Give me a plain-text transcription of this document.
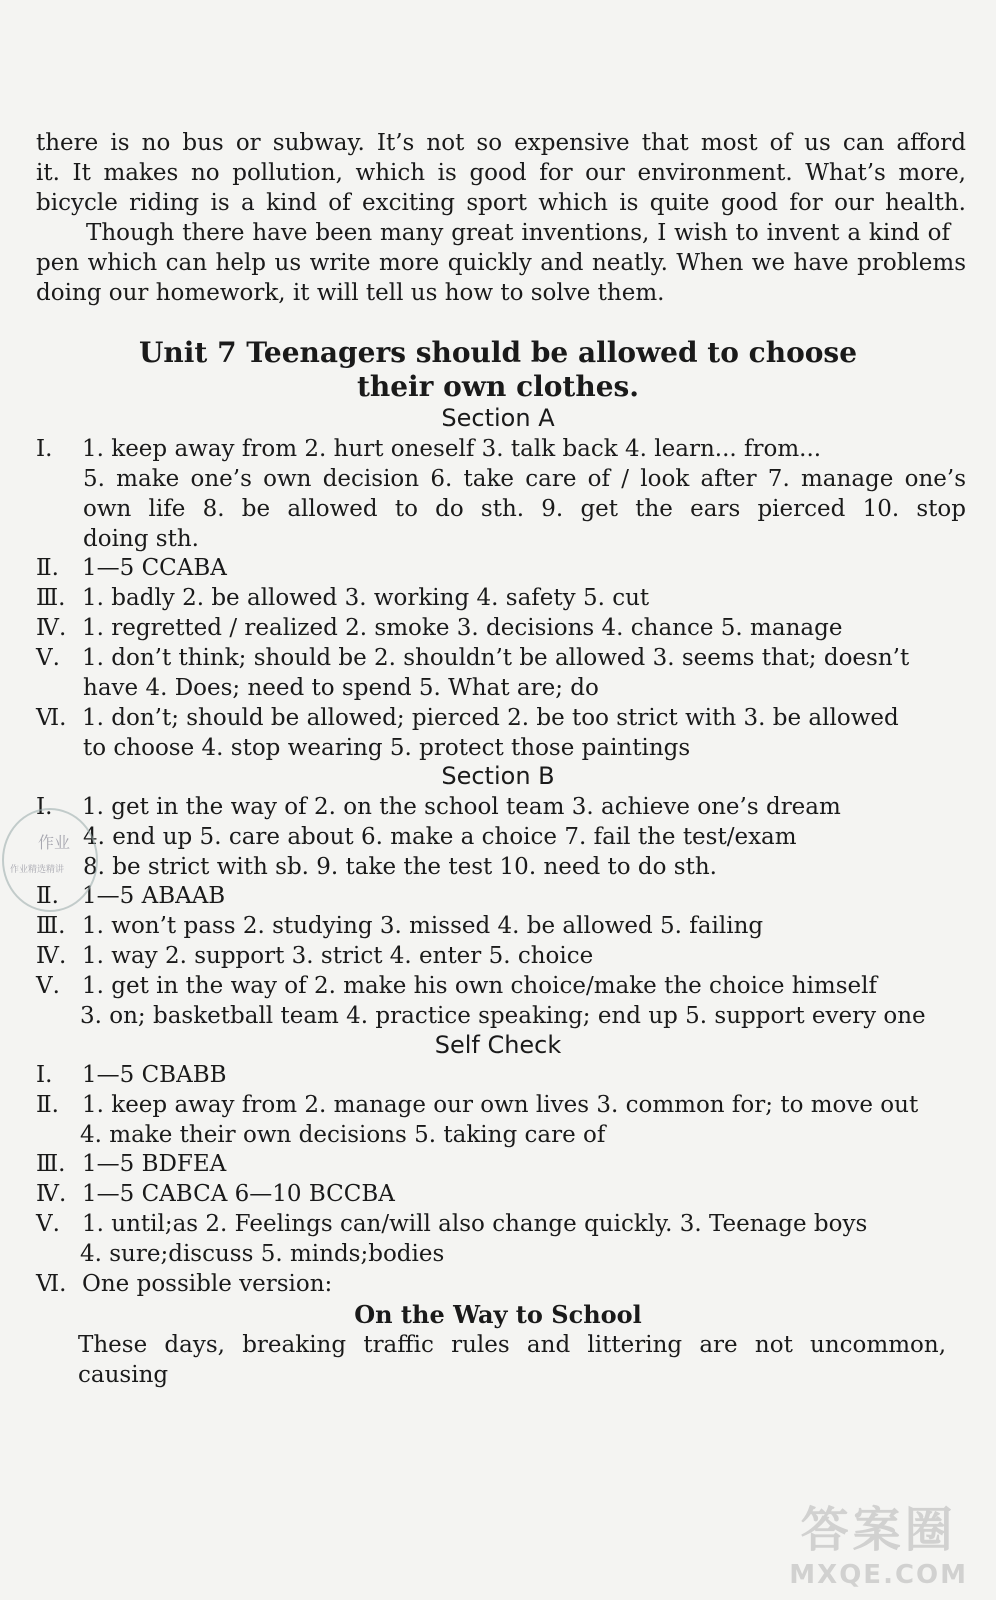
there is no bus or subway. It’s not so expensive that most of us can afford
it. It makes no pollution, which is good for our environment. What’s more,
bicycle riding is a kind of exciting sport which is quite good for our health.
Though there have been many great inventions, I wish to invent a kind of
pen which can help us write more quickly and neatly. When we have problems
doing our homework, it will tell us how to solve them.
Unit 7 Teenagers should be allowed to choose
their own clothes.
Section A
Ⅰ. 1. keep away from 2. hurt oneself 3. talk back 4. learn... from...
5. make one’s own decision 6. take care of / look after 7. manage one’s
own life 8. be allowed to do sth. 9. get the ears pierced 10. stop
doing sth.
Ⅱ. 1—5 CCABA
Ⅲ. 1. badly 2. be allowed 3. working 4. safety 5. cut
Ⅳ. 1. regretted / realized 2. smoke 3. decisions 4. chance 5. manage
Ⅴ. 1. don’t think; should be 2. shouldn’t be allowed 3. seems that; doesn’t
have 4. Does; need to spend 5. What are; do
Ⅵ. 1. don’t; should be allowed; pierced 2. be too strict with 3. be allowed
to choose 4. stop wearing 5. protect those paintings
Section B
Ⅰ. 1. get in the way of 2. on the school team 3. achieve one’s dream
4. end up 5. care about 6. make a choice 7. fail the test/exam
8. be strict with sb. 9. take the test 10. need to do sth.
Ⅱ. 1—5 ABAAB
Ⅲ. 1. won’t pass 2. studying 3. missed 4. be allowed 5. failing
Ⅳ. 1. way 2. support 3. strict 4. enter 5. choice
Ⅴ. 1. get in the way of 2. make his own choice/make the choice himself
3. on; basketball team 4. practice speaking; end up 5. support every one
Self Check
Ⅰ. 1—5 CBABB
Ⅱ. 1. keep away from 2. manage our own lives 3. common for; to move out
4. make their own decisions 5. taking care of
Ⅲ. 1—5 BDFEA
Ⅳ. 1—5 CABCA 6—10 BCCBA
Ⅴ. 1. until;as 2. Feelings can/will also change quickly. 3. Teenage boys
4. sure;discuss 5. minds;bodies
Ⅵ. One possible version:
On the Way to School
These days, breaking traffic rules and littering are not uncommon, causing
作业
作业精选精讲
答案圈
MXQE.COM
